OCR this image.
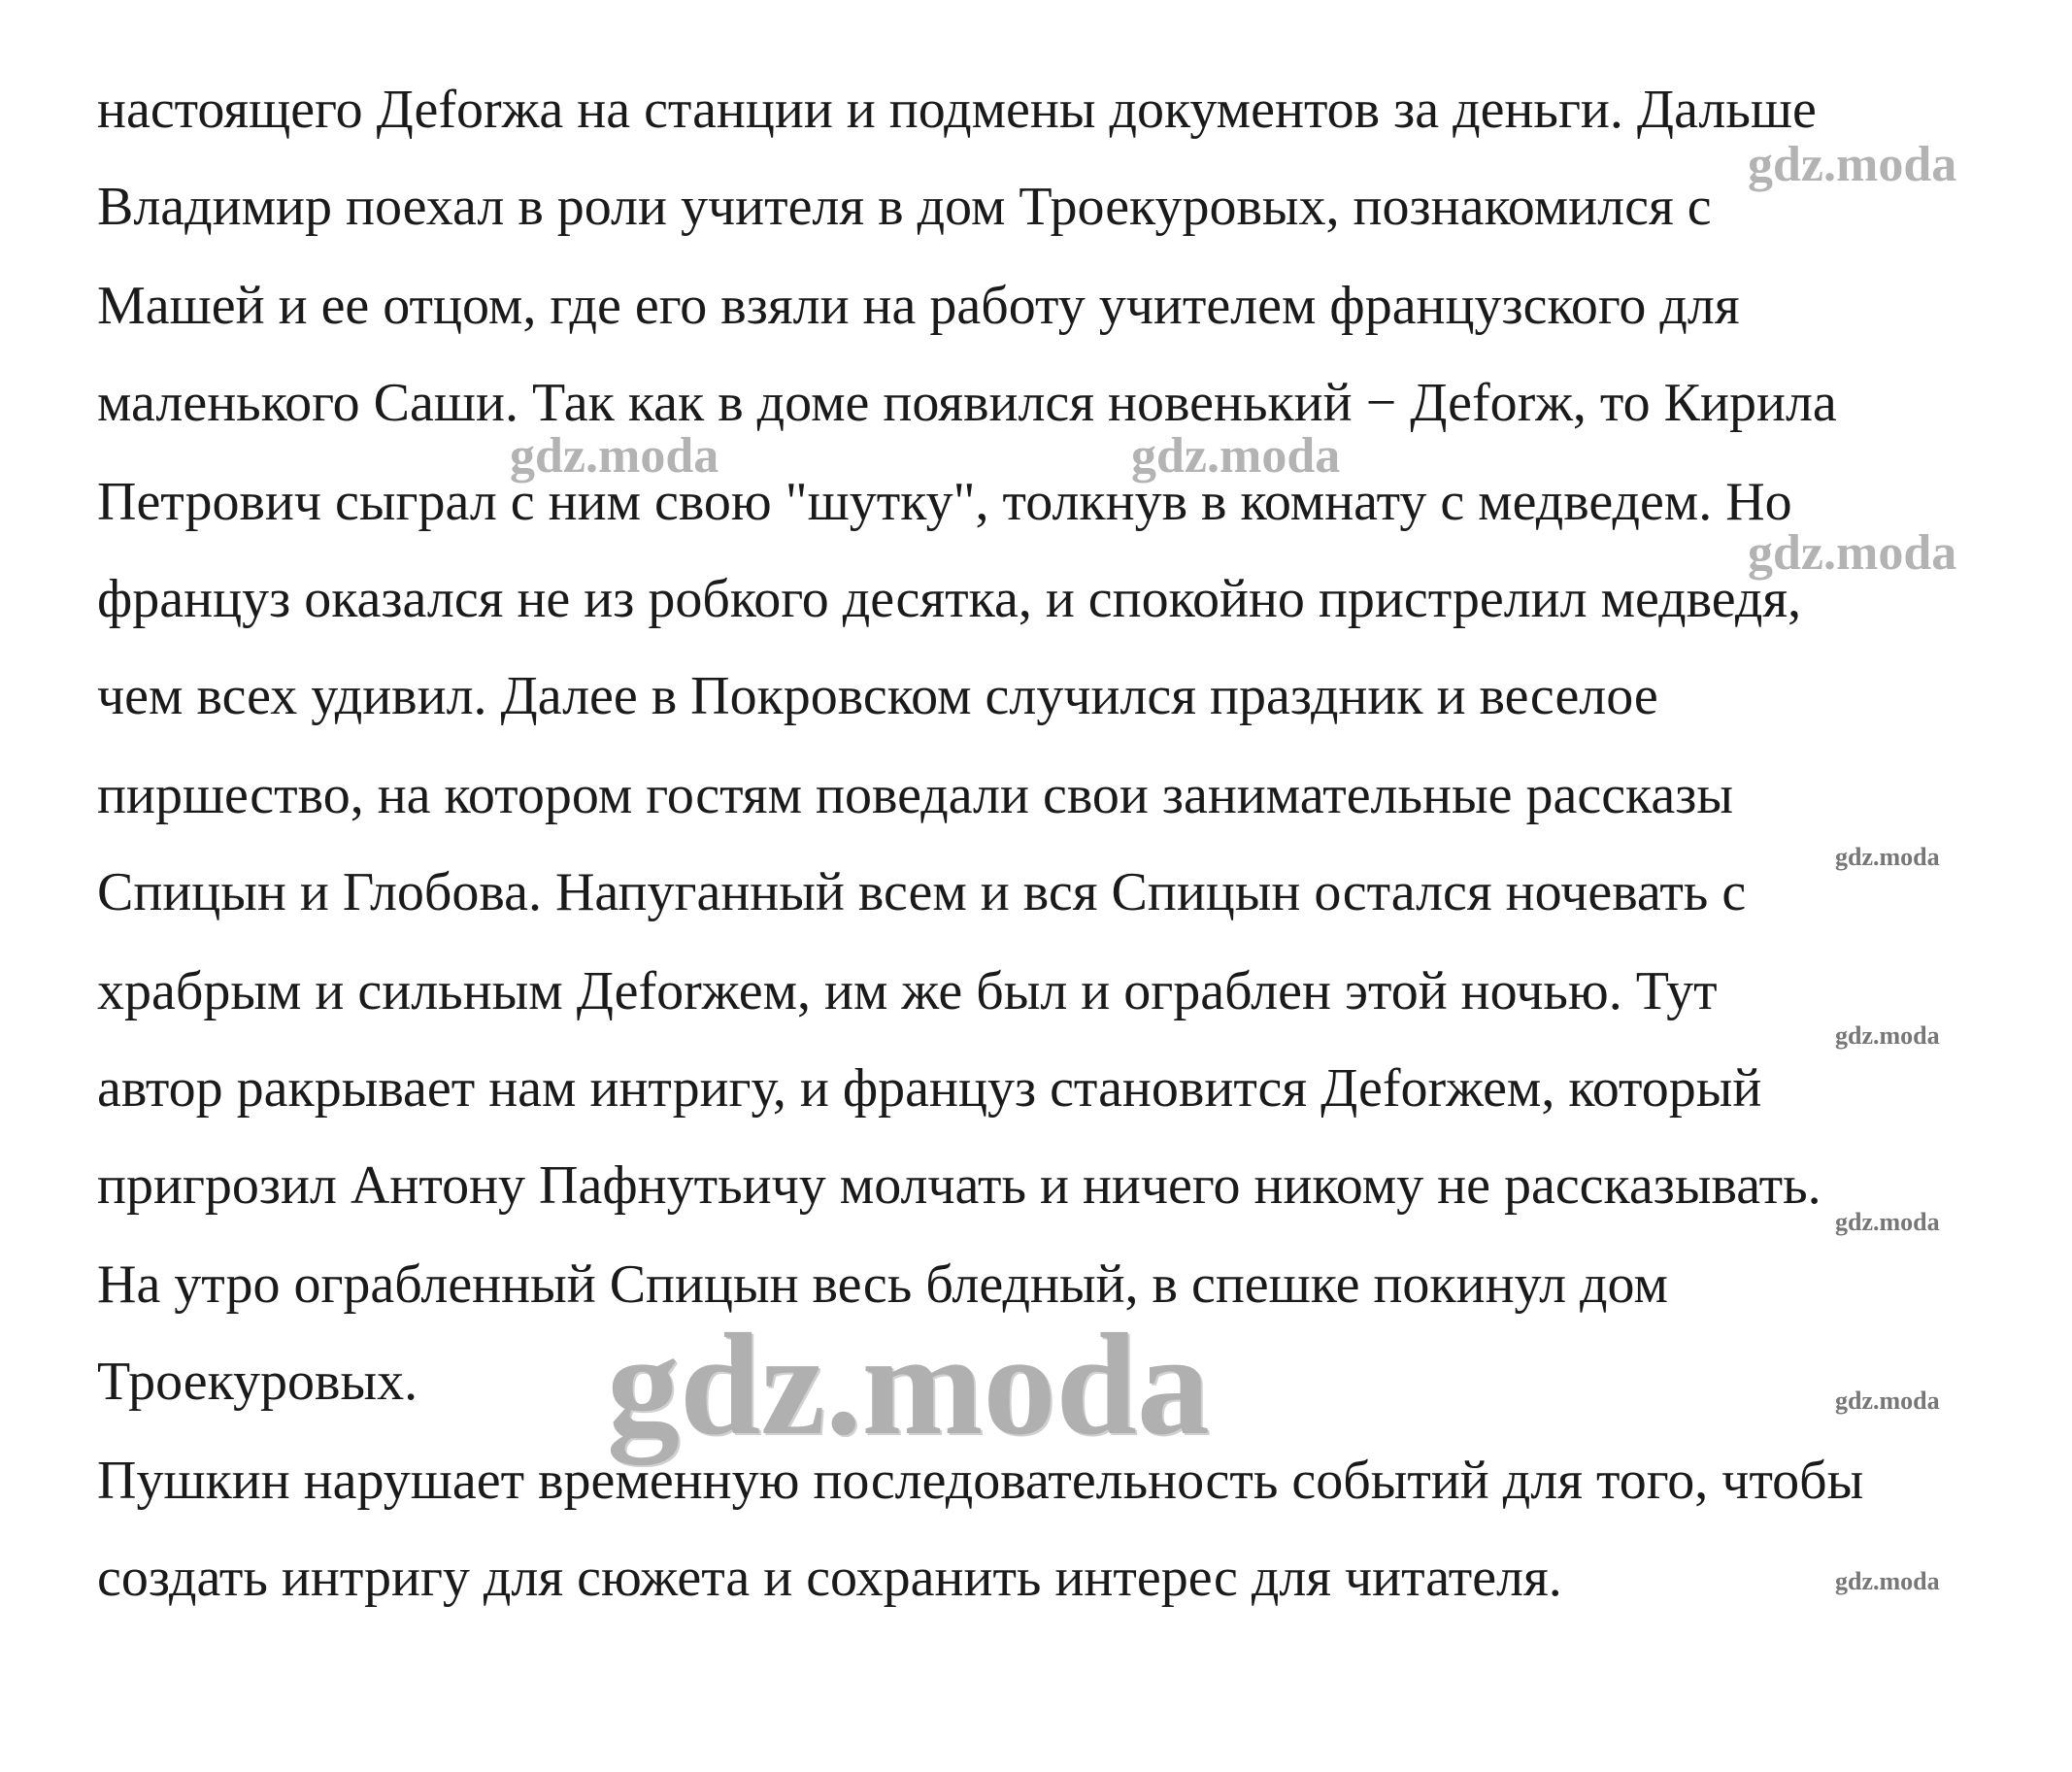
настоящего Деforжа на станции и подмены документов за деньги. Дальше
Владимир поехал в роли учителя в дом Троекуровых, познакомился с
Машей и ее отцом, где его взяли на работу учителем французского для
маленького Саши. Так как в доме появился новенький − Деforж, то Кирила
Петрович сыграл с ним свою "шутку", толкнув в комнату с медведем. Но
француз оказался не из робкого десятка, и спокойно пристрелил медведя,
чем всех удивил. Далее в Покровском случился праздник и веселое
пиршество, на котором гостям поведали свои занимательные рассказы
Спицын и Глобова. Напуганный всем и вся Спицын остался ночевать с
храбрым и сильным Деforжем, им же был и ограблен этой ночью. Тут
автор ракрывает нам интригу, и француз становится Деforжем, который
пригрозил Антону Пафнутьичу молчать и ничего никому не рассказывать.
На утро ограбленный Спицын весь бледный, в спешке покинул дом
Троекуровых.
Пушкин нарушает временную последовательность событий для того, чтобы
создать интригу для сюжета и сохранить интерес для читателя.
gdz.moda
gdz.moda	gdz.moda
gdz.moda
gdz.moda
gdz.moda
gdz.moda
gdz.moda
gdz.moda
gdz.moda
